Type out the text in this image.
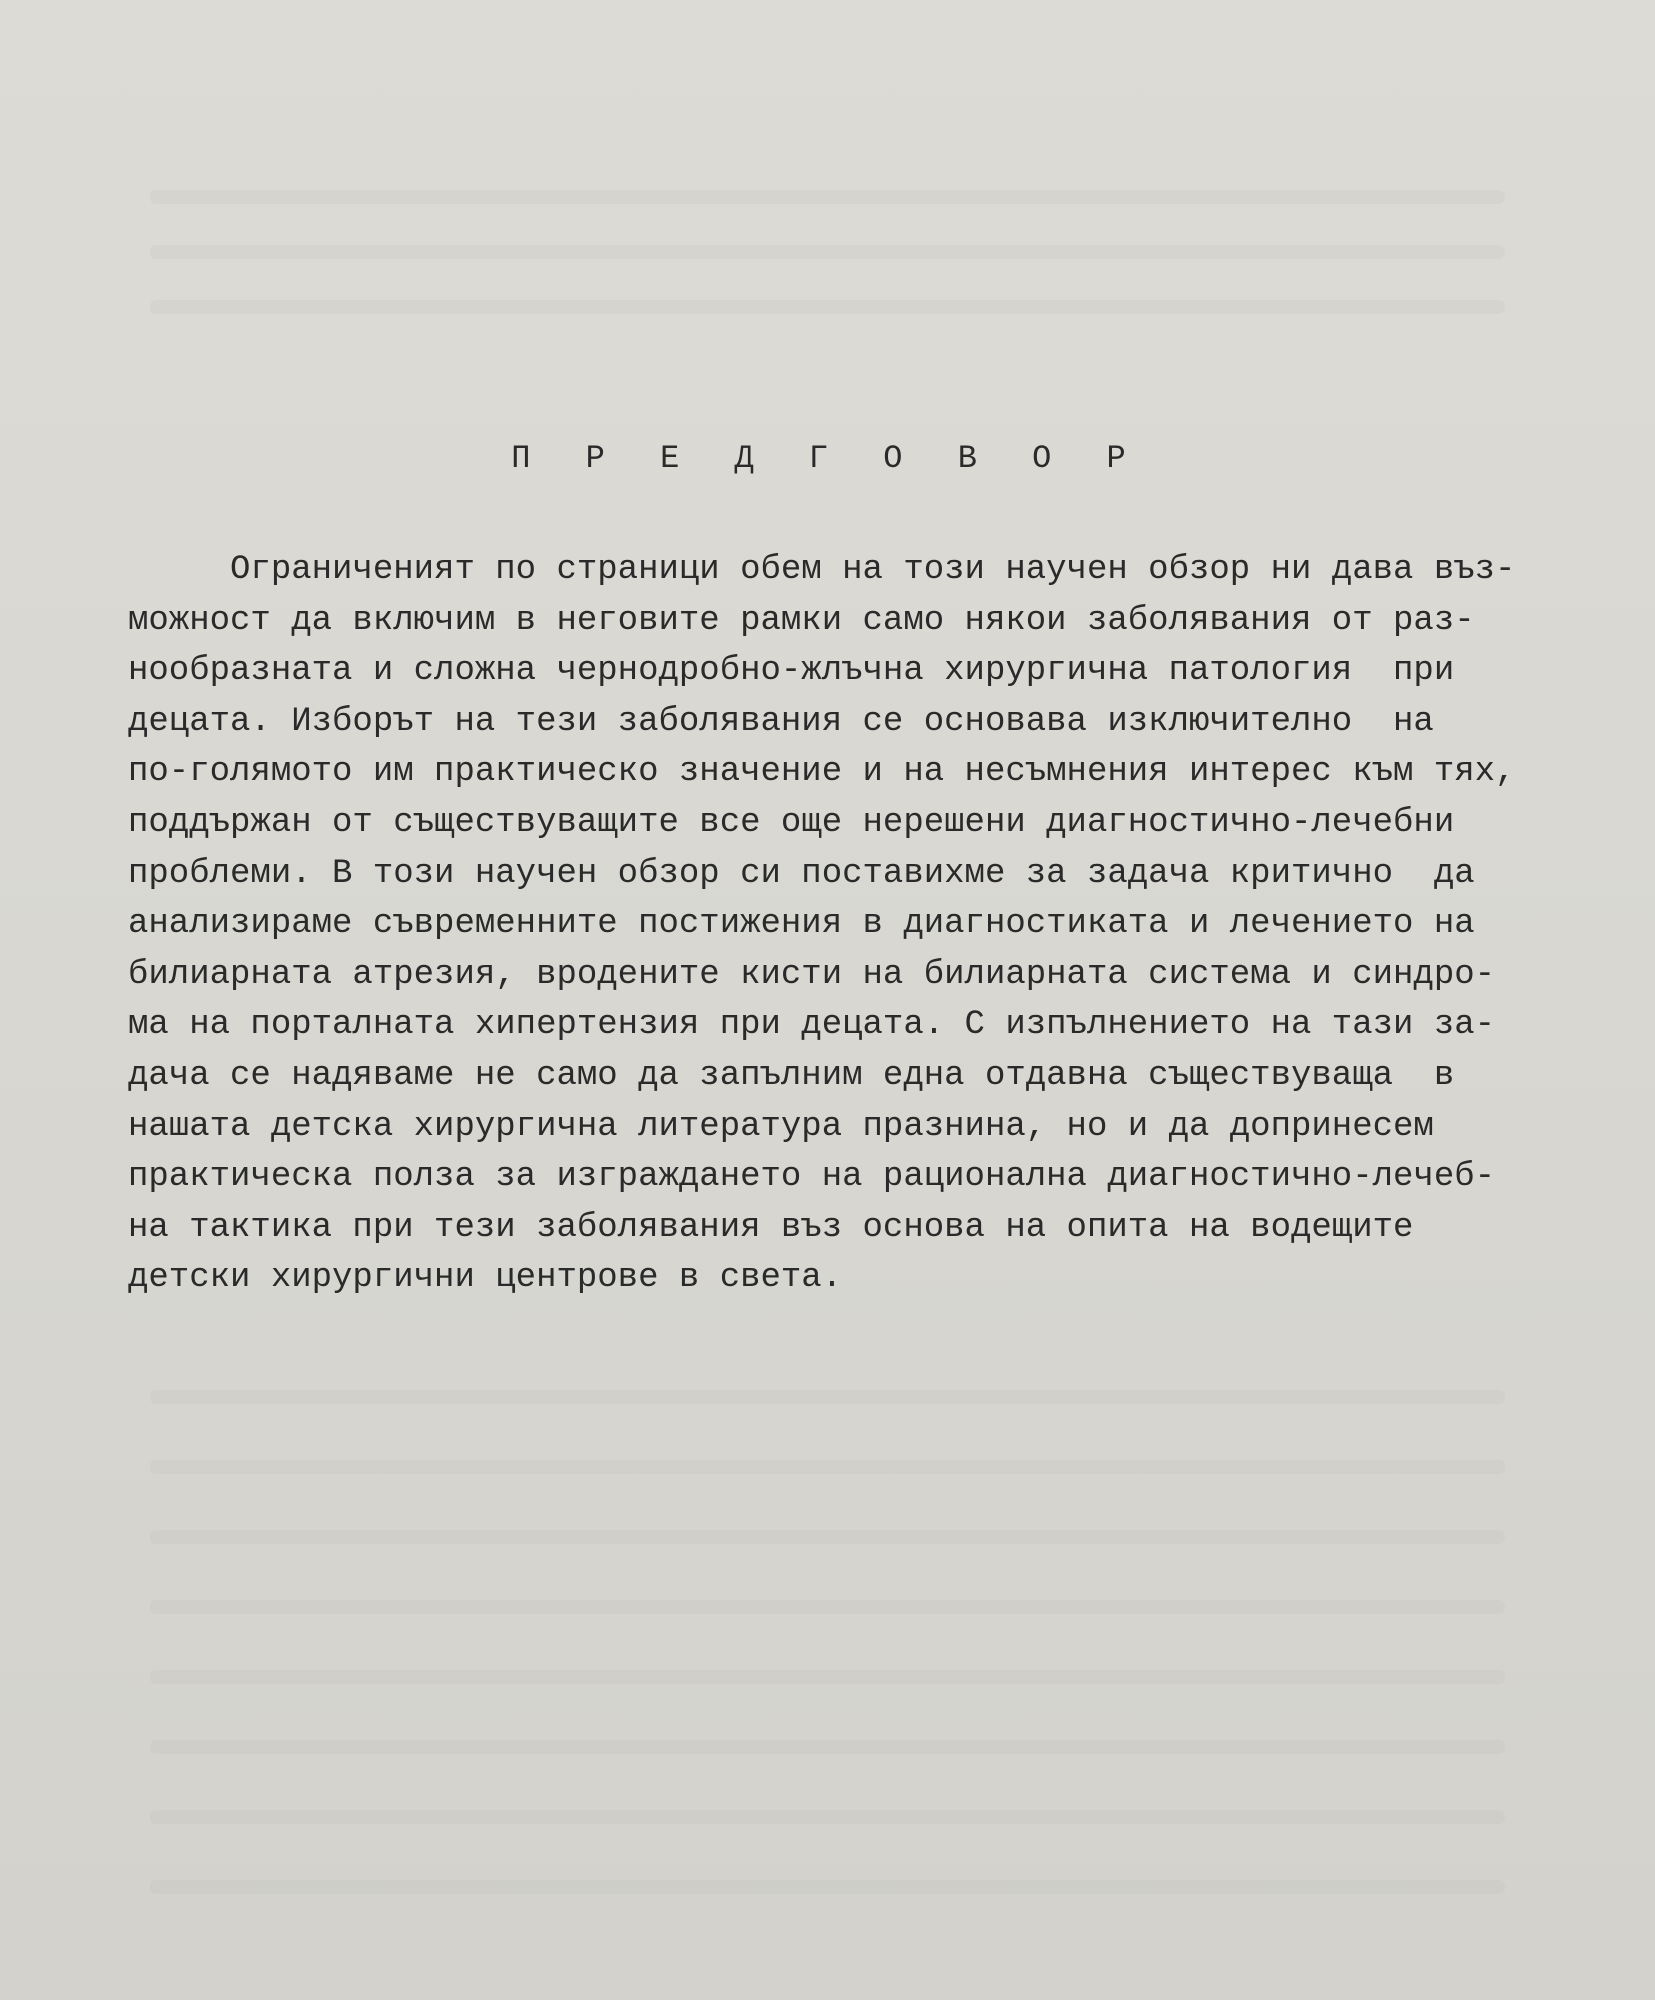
П Р Е Д Г О В О Р
Ограниченият по страници обем на този научен обзор ни дава въз-
можност да включим в неговите рамки само някои заболявания от раз-
нообразната и сложна чернодробно-жлъчна хирургична патология  при
децата. Изборът на тези заболявания се основава изключително  на
по-голямото им практическо значение и на несъмнения интерес към тях,
поддържан от съществуващите все още нерешени диагностично-лечебни
проблеми. В този научен обзор си поставихме за задача критично  да
анализираме съвременните постижения в диагностиката и лечението на
билиарната атрезия, вродените кисти на билиарната система и синдро-
ма на порталната хипертензия при децата. С изпълнението на тази за-
дача се надяваме не само да запълним една отдавна съществуваща  в
нашата детска хирургична литература празнина, но и да допринесем
практическа полза за изграждането на рационална диагностично-лечеб-
на тактика при тези заболявания въз основа на опита на водещите
детски хирургични центрове в света.
